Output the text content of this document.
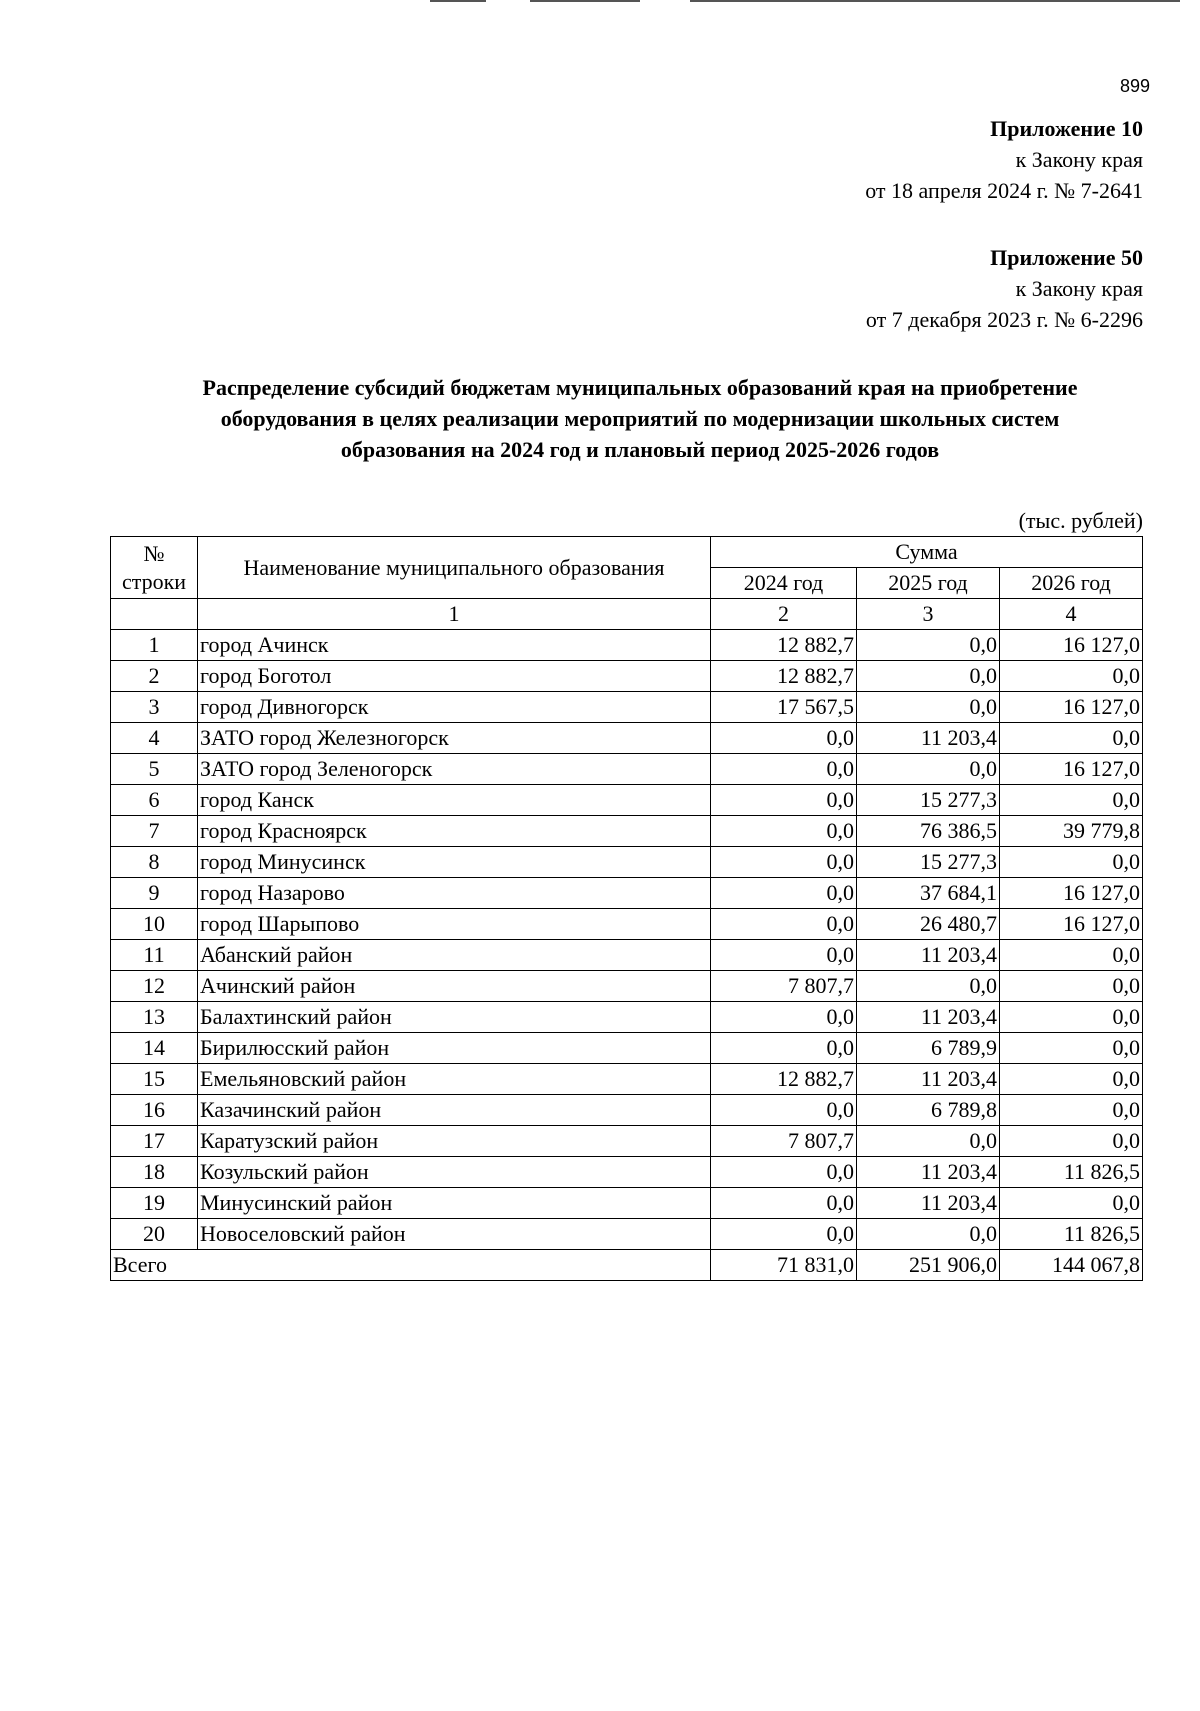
899
Приложение 10
к Закону края
от 18 апреля 2024 г. № 7-2641
Приложение 50
к Закону края
от 7 декабря 2023 г. № 6-2296
Распределение субсидий бюджетам муниципальных образований края на приобретение
оборудования в целях реализации мероприятий по модернизации школьных систем
образования на 2024 год и плановый период 2025-2026 годов
(тыс. рублей)
№
строки	Наименование муниципального образования	Сумма		
		2024 год	2025 год	2026 год
	1	2	3	4
1	город Ачинск	12 882,7	0,0	16 127,0
2	город Боготол	12 882,7	0,0	0,0
3	город Дивногорск	17 567,5	0,0	16 127,0
4	ЗАТО город Железногорск	0,0	11 203,4	0,0
5	ЗАТО город Зеленогорск	0,0	0,0	16 127,0
6	город Канск	0,0	15 277,3	0,0
7	город Красноярск	0,0	76 386,5	39 779,8
8	город Минусинск	0,0	15 277,3	0,0
9	город Назарово	0,0	37 684,1	16 127,0
10	город Шарыпово	0,0	26 480,7	16 127,0
11	Абанский район	0,0	11 203,4	0,0
12	Ачинский район	7 807,7	0,0	0,0
13	Балахтинский район	0,0	11 203,4	0,0
14	Бирилюсский район	0,0	6 789,9	0,0
15	Емельяновский район	12 882,7	11 203,4	0,0
16	Казачинский район	0,0	6 789,8	0,0
17	Каратузский район	7 807,7	0,0	0,0
18	Козульский район	0,0	11 203,4	11 826,5
19	Минусинский район	0,0	11 203,4	0,0
20	Новоселовский район	0,0	0,0	11 826,5
Всего		71 831,0	251 906,0	144 067,8
